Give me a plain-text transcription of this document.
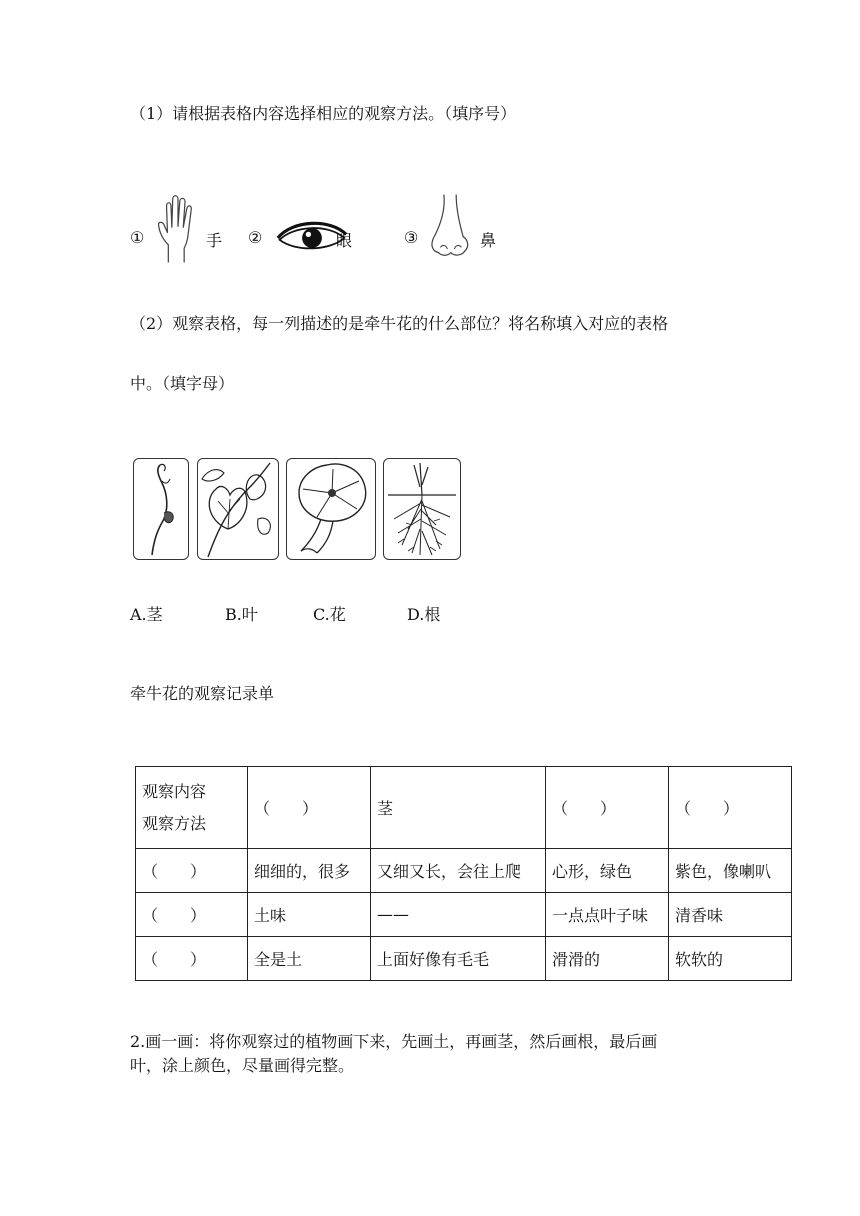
（1）请根据表格内容选择相应的观察方法。（填序号）
①	手 ②	眼	③	鼻
（2）观察表格，每一列描述的是牵牛花的什么部位？将名称填入对应的表格
中。（填字母）
A.茎	B.叶	C.花	D.根
牵牛花的观察记录单
观察内容
观察方法	（　　）	茎	（　　）	（　　）
（　　）	细细的，很多	又细又长，会往上爬	心形，绿色	紫色，像喇叭
（　　）	土味	——	一点点叶子味	清香味
（　　）	全是土	上面好像有毛毛	滑滑的	软软的
2.画一画：将你观察过的植物画下来，先画土，再画茎，然后画根，最后画
叶，涂上颜色，尽量画得完整。
